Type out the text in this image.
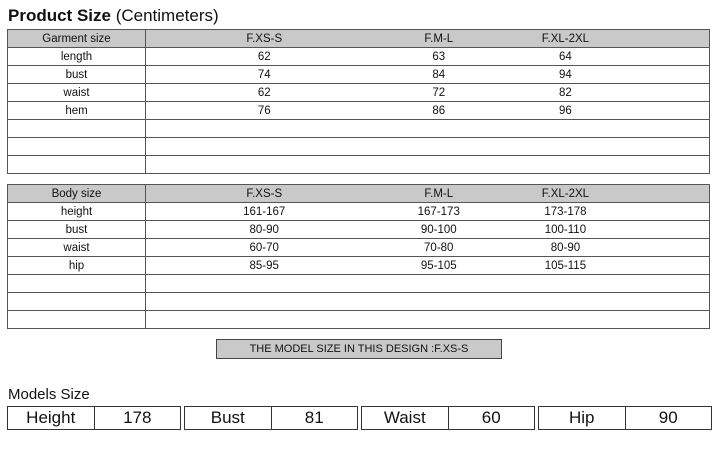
Product Size (Centimeters)
Garment size	F.XS-S F.M-L F.XL-2XL

length	62 63 64

bust	74 84 94

waist	62 72 82

hem	76 86 96

Body size	F.XS-S F.M-L F.XL-2XL

height	161-167 167-173 173-178

bust	80-90 90-100 100-110

waist	60-70 70-80 80-90

hip	85-95 95-105 105-115

THE MODEL SIZE IN THIS DESIGN :F.XS-S
Models Size
Height	178	Bust	81	Waist	60	Hip	90
